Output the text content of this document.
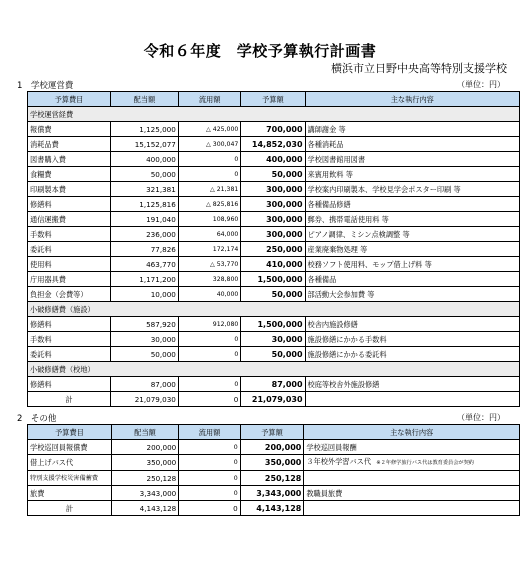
令和６年度　学校予算執行計画書
横浜市立日野中央高等特別支援学校
1　学校運営費	（単位：円）
予算費目	配当額	流用額	予算額	主な執行内容
学校運営経費				
報償費	1,125,000	△ 425,000	700,000	講師謝金 等
消耗品費	15,152,077	△ 300,047	14,852,030	各種消耗品
図書購入費	400,000	0	400,000	学校図書館用図書
食糧費	50,000	0	50,000	来賓用飲料 等
印刷製本費	321,381	△ 21,381	300,000	学校案内印刷製本、学校見学会ポスター印刷 等
修繕料	1,125,816	△ 825,816	300,000	各種備品修繕
通信運搬費	191,040	108,960	300,000	郵券、携帯電話使用料 等
手数料	236,000	64,000	300,000	ピアノ調律、ミシン点検調整 等
委託料	77,826	172,174	250,000	産業廃棄物処理 等
使用料	463,770	△ 53,770	410,000	校務ソフト使用料、モップ借上げ料 等
庁用器具費	1,171,200	328,800	1,500,000	各種備品
負担金（会費等）	10,000	40,000	50,000	部活動大会参加費 等
小破修繕費（施設）				
修繕料	587,920	912,080	1,500,000	校舎内施設修繕
手数料	30,000	0	30,000	施設修繕にかかる手数料
委託料	50,000	0	50,000	施設修繕にかかる委託料
小破修繕費（校地）				
修繕料	87,000	0	87,000	校庭等校舎外施設修繕
計	21,079,030	0	21,079,030	
2　その他	（単位：円）
予算費目	配当額	流用額	予算額	主な執行内容
学校巡回員報償費	200,000	0	200,000	学校巡回員報酬
借上げバス代	350,000	0	350,000	３年校外学習バス代　※２年修学旅行バス代は教育委員会が契約
特別支援学校災害備蓄費	250,128	0	250,128	
旅費	3,343,000	0	3,343,000	教職員旅費
計	4,143,128	0	4,143,128	
